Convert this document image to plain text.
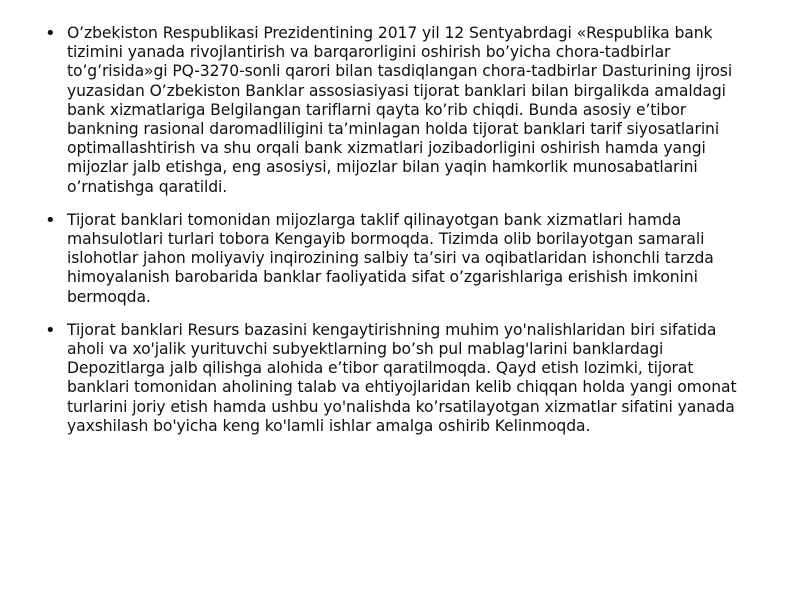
• O’zbekiston Respublikasi Prezidentining 2017 yil 12 Sentyabrdagi «Respublika bank tizimini yanada rivojlantirish va barqarorligini oshirish bo’yicha chora-tadbirlar to’g’risida»gi PQ-3270-sonli qarori bilan tasdiqlangan chora-tadbirlar Dasturining ijrosi yuzasidan O’zbekiston Banklar assosiasiyasi tijorat banklari bilan birgalikda amaldagi bank xizmatlariga Belgilangan tariflarni qayta ko’rib chiqdi. Bunda asosiy e’tibor bankning rasional daromadliligini ta’minlagan holda tijorat banklari tarif siyosatlarini optimallashtirish va shu orqali bank xizmatlari jozibadorligini oshirish hamda yangi mijozlar jalb etishga, eng asosiysi, mijozlar bilan yaqin hamkorlik munosabatlarini o’rnatishga qaratildi.
• Tijorat banklari tomonidan mijozlarga taklif qilinayotgan bank xizmatlari hamda mahsulotlari turlari tobora Kengayib bormoqda. Tizimda olib borilayotgan samarali islohotlar jahon moliyaviy inqirozining salbiy ta’siri va oqibatlaridan ishonchli tarzda himoyalanish barobarida banklar faoliyatida sifat o’zgarishlariga erishish imkonini bermoqda.
• Tijorat banklari Resurs bazasini kengaytirishning muhim yo'nalishlaridan biri sifatida aholi va xo'jalik yurituvchi subyektlarning bo’sh pul mablag'larini banklardagi Depozitlarga jalb qilishga alohida e’tibor qaratilmoqda. Qayd etish lozimki, tijorat banklari tomonidan aholining talab va ehtiyojlaridan kelib chiqqan holda yangi omonat turlarini joriy etish hamda ushbu yo'nalishda ko’rsatilayotgan xizmatlar sifatini yanada yaxshilash bo'yicha keng ko'lamli ishlar amalga oshirib Kelinmoqda.
